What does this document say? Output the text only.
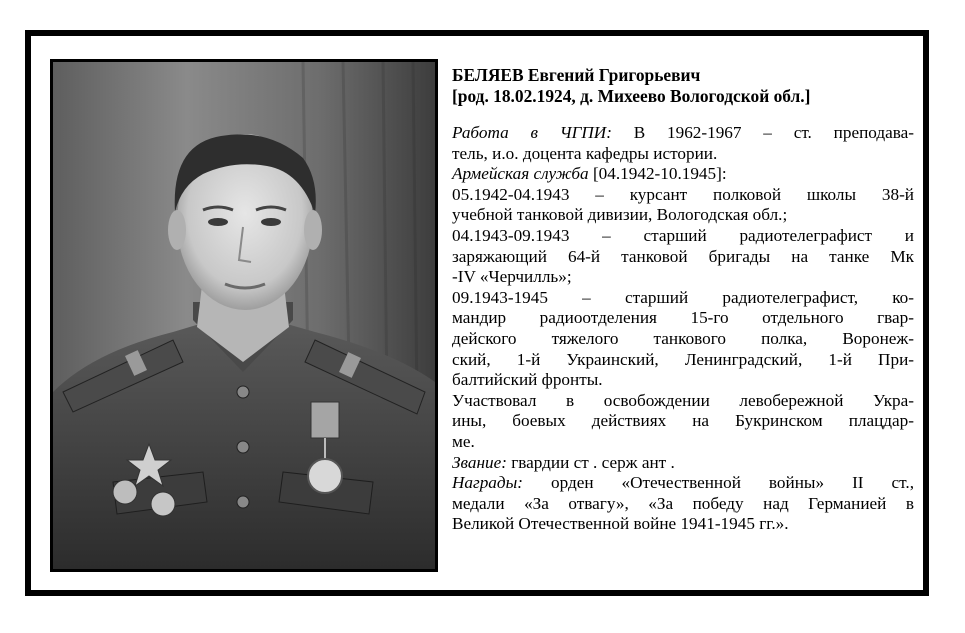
БЕЛЯЕВ Евгений Григорьевич
[род. 18.02.1924, д. Михеево Вологодской обл.]
Работа в ЧГПИ: В 1962-1967 – ст. преподава-
тель, и.о. доцента кафедры истории.
Армейская служба [04.1942-10.1945]:
05.1942-04.1943 – курсант полковой школы 38-й
учебной танковой дивизии, Вологодская обл.;
04.1943-09.1943 – старший радиотелеграфист и
заряжающий 64-й танковой бригады на танке Мк
-IV «Черчилль»;
09.1943-1945 – старший радиотелеграфист, ко-
мандир радиоотделения 15-го отдельного гвар-
дейского тяжелого танкового полка, Воронеж-
ский, 1-й Украинский, Ленинградский, 1-й При-
балтийский фронты.
Участвовал в освобождении левобережной Укра-
ины, боевых действиях на Букринском плацдар-
ме.
Звание: гвардии ст . серж ант .
Награды: орден «Отечественной войны» II ст.,
медали «За отвагу», «За победу над Германией в
Великой Отечественной войне 1941-1945 гг.».
